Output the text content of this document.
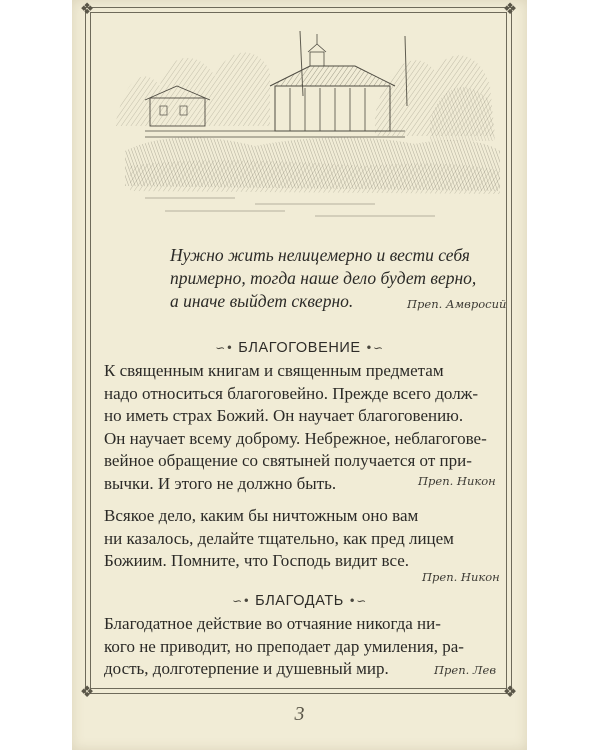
❖	❖
❖	❖
Нужно жить нелицемерно и вести себя
примерно, тогда наше дело будет верно,
а иначе выйдет скверно.	Преп. Амвросий
∽• БЛАГОГОВЕНИЕ •∽
К священным книгам и священным предметам
надо относиться благоговейно. Прежде всего долж-
но иметь страх Божий. Он научает благоговению.
Он научает всему доброму. Небрежное, неблагогове-
вейное обращение со святыней получается от при-
вычки. И этого не должно быть.	Преп. Никон
Всякое дело, каким бы ничтожным оно вам
ни казалось, делайте тщательно, как пред лицем
Божиим. Помните, что Господь видит все.
Преп. Никон
∽• БЛАГОДАТЬ •∽
Благодатное действие во отчаяние никогда ни-
кого не приводит, но преподает дар умиления, ра-
дость, долготерпение и душевный мир.	Преп. Лев
3
